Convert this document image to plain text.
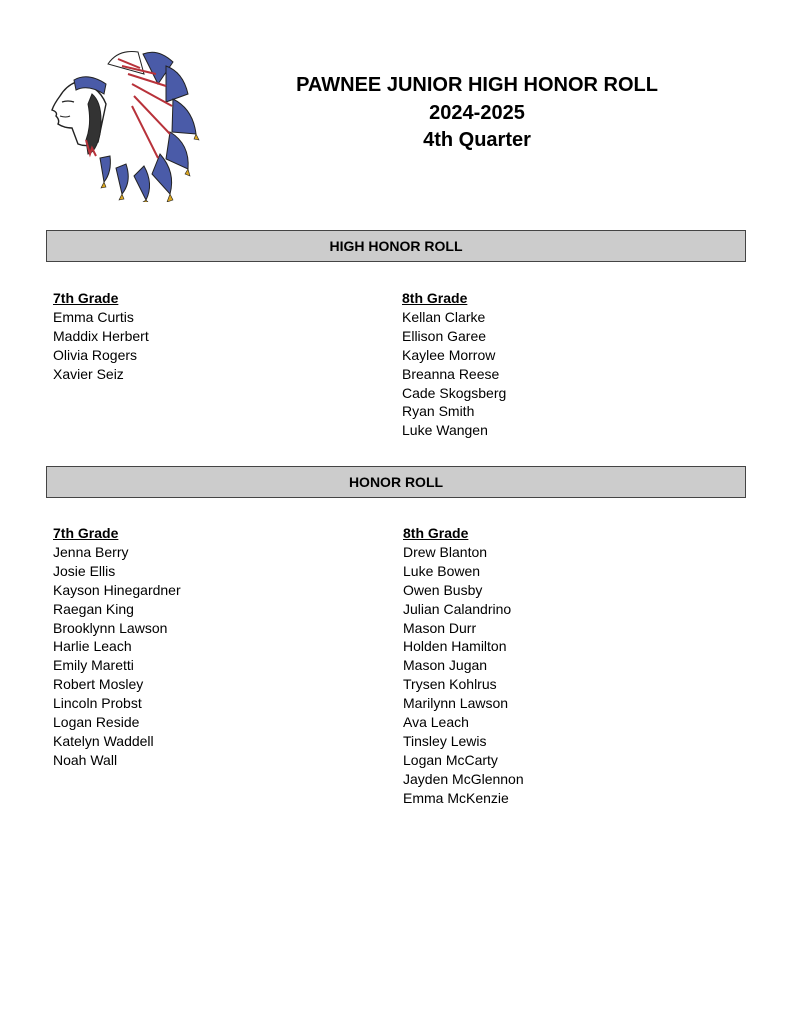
PAWNEE JUNIOR HIGH HONOR ROLL
2024-2025
4th Quarter
HIGH HONOR ROLL
7th Grade
Emma Curtis
Maddix Herbert
Olivia Rogers
Xavier Seiz
8th Grade
Kellan Clarke
Ellison Garee
Kaylee Morrow
Breanna Reese
Cade Skogsberg
Ryan Smith
Luke Wangen
HONOR ROLL
7th Grade
Jenna Berry
Josie Ellis
Kayson Hinegardner
Raegan King
Brooklynn Lawson
Harlie Leach
Emily Maretti
Robert Mosley
Lincoln Probst
Logan Reside
Katelyn Waddell
Noah Wall
8th Grade
Drew Blanton
Luke Bowen
Owen Busby
Julian Calandrino
Mason Durr
Holden Hamilton
Mason Jugan
Trysen Kohlrus
Marilynn Lawson
Ava Leach
Tinsley Lewis
Logan McCarty
Jayden McGlennon
Emma McKenzie
